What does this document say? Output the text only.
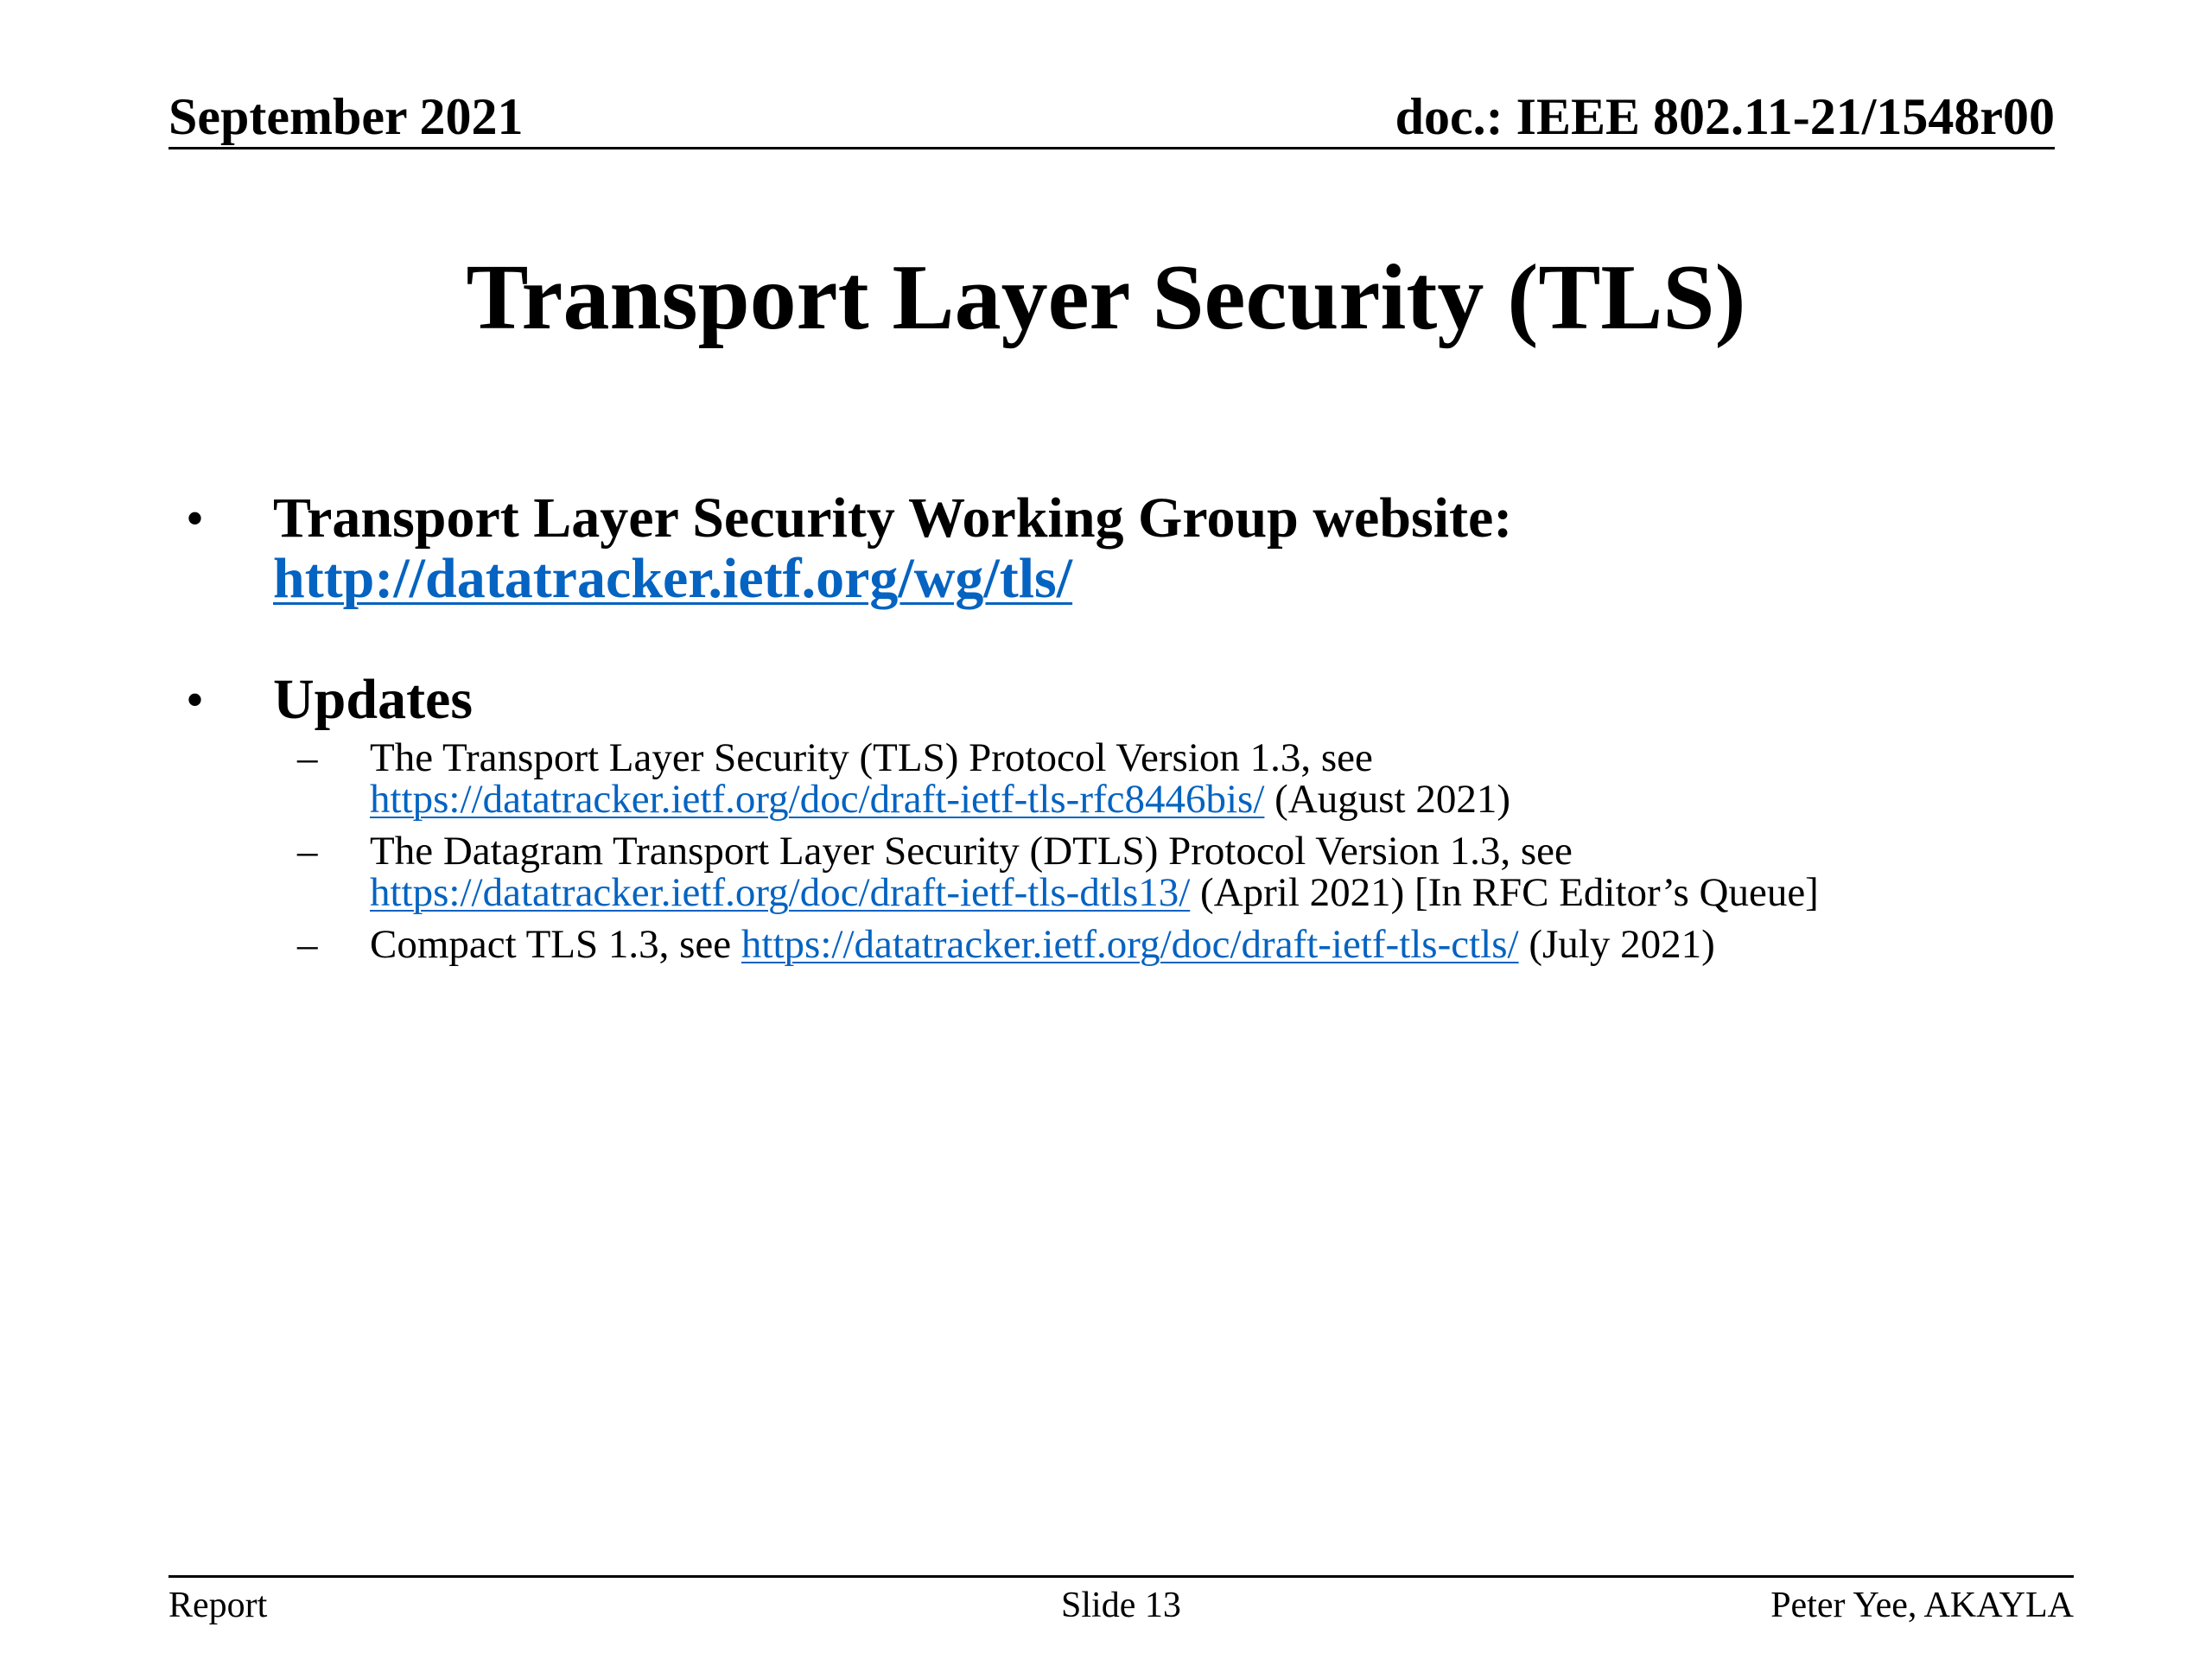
September 2021	doc.: IEEE 802.11-21/1548r00
Transport Layer Security (TLS)
• Transport Layer Security Working Group website:
http://datatracker.ietf.org/wg/tls/
• Updates
– The Transport Layer Security (TLS) Protocol Version 1.3, see
https://datatracker.ietf.org/doc/draft-ietf-tls-rfc8446bis/ (August 2021)
– The Datagram Transport Layer Security (DTLS) Protocol Version 1.3, see
https://datatracker.ietf.org/doc/draft-ietf-tls-dtls13/ (April 2021) [In RFC Editor’s Queue]
– Compact TLS 1.3, see https://datatracker.ietf.org/doc/draft-ietf-tls-ctls/ (July 2021)
Report	Slide 13	Peter Yee, AKAYLA
